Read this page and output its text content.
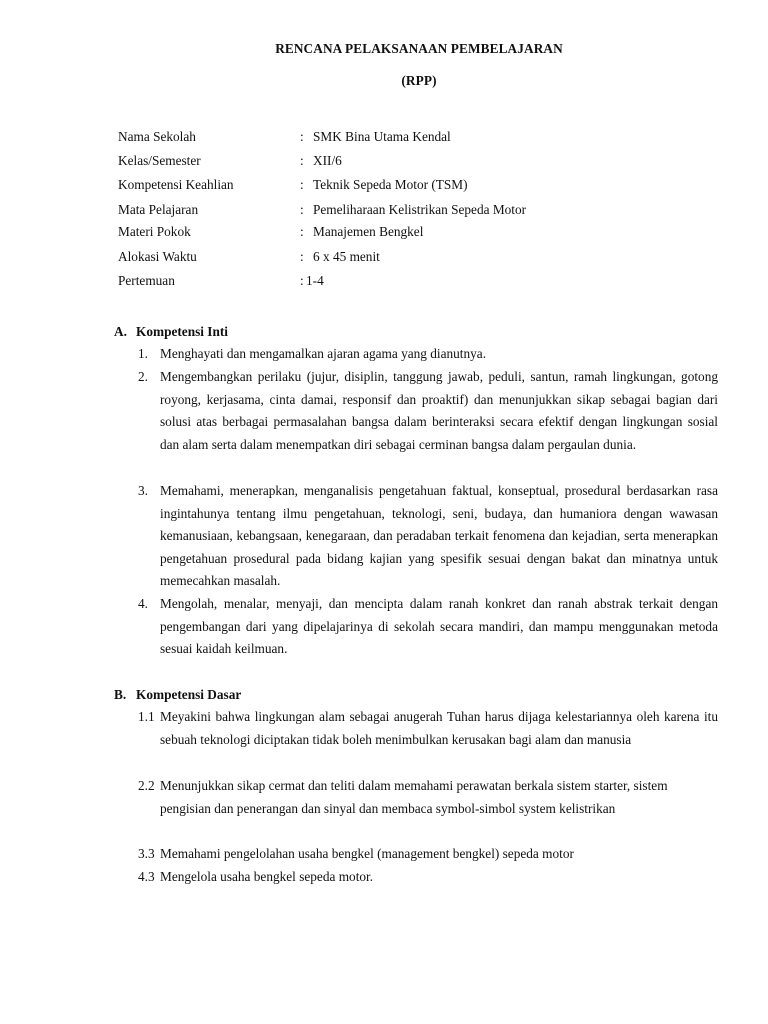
RENCANA PELAKSANAAN PEMBELAJARAN
(RPP)
Nama Sekolah	: SMK Bina Utama Kendal
Kelas/Semester	: XII/6
Kompetensi Keahlian	: Teknik Sepeda Motor (TSM)
Mata Pelajaran	: Pemeliharaan Kelistrikan Sepeda Motor
Materi Pokok	: Manajemen Bengkel
Alokasi Waktu	: 6 x 45 menit
Pertemuan	: 1-4
A. Kompetensi Inti
1. Menghayati dan mengamalkan ajaran agama yang dianutnya.
2. Mengembangkan perilaku (jujur, disiplin, tanggung jawab, peduli, santun, ramah lingkungan, gotong royong, kerjasama, cinta damai, responsif dan proaktif) dan menunjukkan sikap sebagai bagian dari solusi atas berbagai permasalahan bangsa dalam berinteraksi secara efektif dengan lingkungan sosial dan alam serta dalam menempatkan diri sebagai cerminan bangsa dalam pergaulan dunia.
3. Memahami, menerapkan, menganalisis pengetahuan faktual, konseptual, prosedural berdasarkan rasa ingintahunya tentang ilmu pengetahuan, teknologi, seni, budaya, dan humaniora dengan wawasan kemanusiaan, kebangsaan, kenegaraan, dan peradaban terkait fenomena dan kejadian, serta menerapkan pengetahuan prosedural pada bidang kajian yang spesifik sesuai dengan bakat dan minatnya untuk memecahkan masalah.
4. Mengolah, menalar, menyaji, dan mencipta dalam ranah konkret dan ranah abstrak terkait dengan pengembangan dari yang dipelajarinya di sekolah secara mandiri, dan mampu menggunakan metoda sesuai kaidah keilmuan.
B. Kompetensi Dasar
1.1 Meyakini bahwa lingkungan alam sebagai anugerah Tuhan harus dijaga kelestariannya oleh karena itu sebuah teknologi diciptakan tidak boleh menimbulkan kerusakan bagi alam dan manusia
2.2 Menunjukkan sikap cermat dan teliti dalam memahami perawatan berkala sistem starter, sistem pengisian dan penerangan dan sinyal dan membaca symbol-simbol system kelistrikan
3.3 Memahami pengelolahan usaha bengkel (management bengkel) sepeda motor
4.3 Mengelola usaha bengkel sepeda motor.
